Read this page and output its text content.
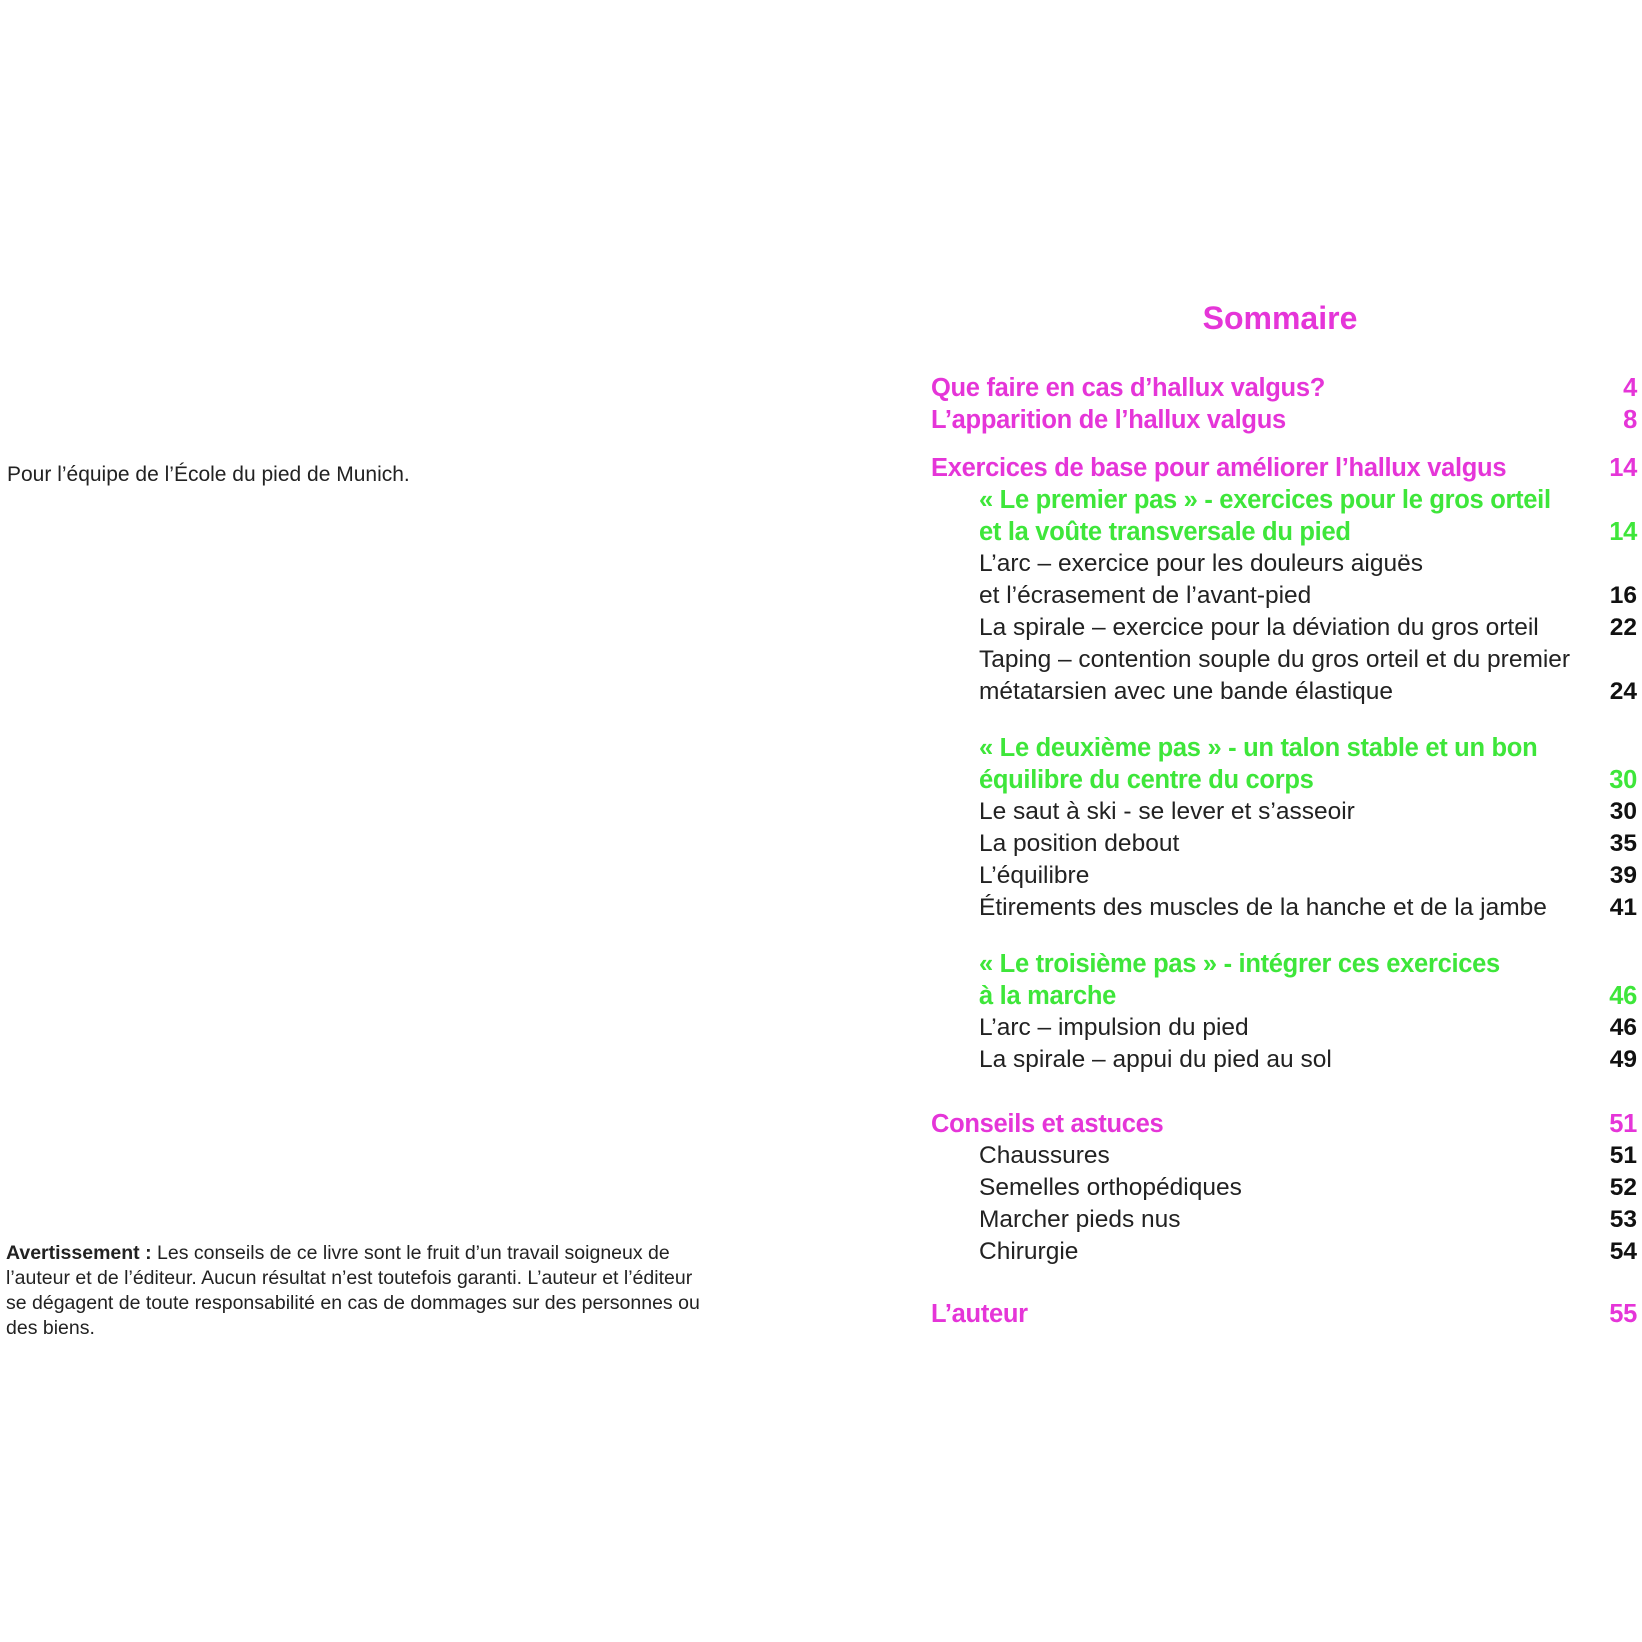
Pour l’équipe de l’École du pied de Munich.
Avertissement : Les conseils de ce livre sont le fruit d’un travail soigneux de l’auteur et de l’éditeur. Aucun résultat n’est toutefois garanti. L’auteur et l’éditeur se dégagent de toute responsabilité en cas de dommages sur des personnes ou des biens.
Sommaire
Que faire en cas d’hallux valgus?	4
L’apparition de l’hallux valgus	8
Exercices de base pour améliorer l’hallux valgus	14
« Le premier pas » - exercices pour le gros orteil
et la voûte transversale du pied	14
L’arc – exercice pour les douleurs aiguës
et l’écrasement de l’avant-pied	16
La spirale – exercice pour la déviation du gros orteil	22
Taping – contention souple du gros orteil et du premier
métatarsien avec une bande élastique	24
« Le deuxième pas » - un talon stable et un bon
équilibre du centre du corps	30
Le saut à ski - se lever et s’asseoir	30
La position debout	35
L’équilibre	39
Étirements des muscles de la hanche et de la jambe	41
« Le troisième pas » - intégrer ces exercices
à la marche	46
L’arc – impulsion du pied	46
La spirale – appui du pied au sol	49
Conseils et astuces	51
Chaussures	51
Semelles orthopédiques	52
Marcher pieds nus	53
Chirurgie	54
L’auteur	55
